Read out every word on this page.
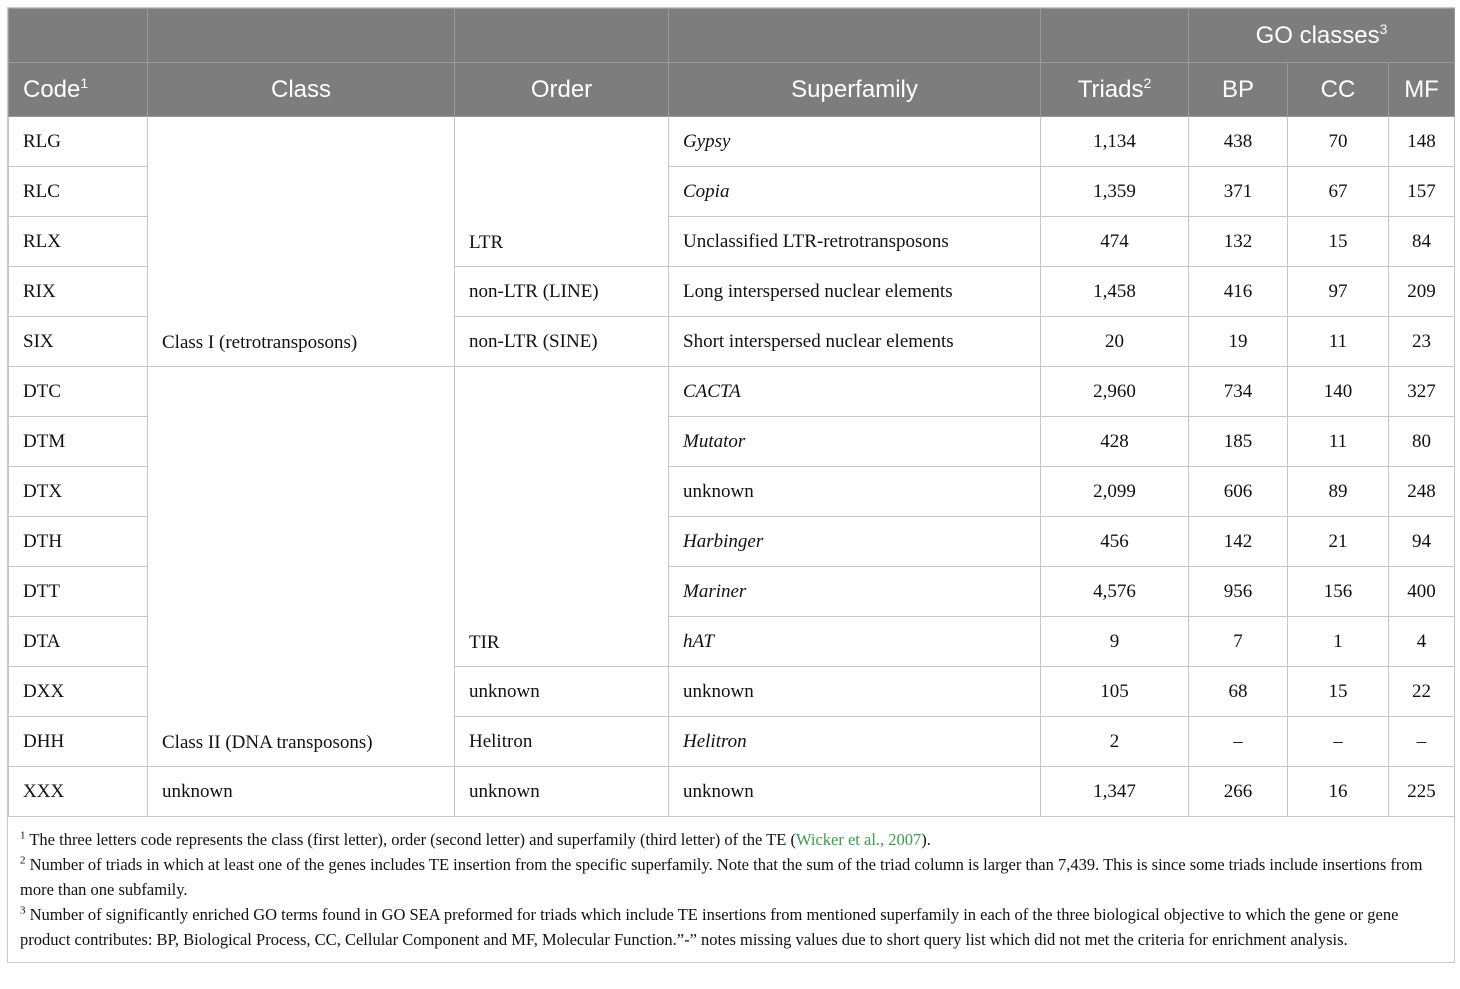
					GO classes$^3$
Code$^1$	Class	Order	Superfamily	Triads$^2$	BP	CC	MF
RLG	Class I (retrotransposons)	LTR	Gypsy	1,134	438	70	148
RLC			Copia	1,359	371	67	157
RLX			Unclassified LTR-retrotransposons	474	132	15	84
RIX		non-LTR (LINE)	Long interspersed nuclear elements	1,458	416	97	209
SIX		non-LTR (SINE)	Short interspersed nuclear elements	20	19	11	23
DTC	Class II (DNA transposons)	TIR	CACTA	2,960	734	140	327
DTM			Mutator	428	185	11	80
DTX			unknown	2,099	606	89	248
DTH			Harbinger	456	142	21	94
DTT			Mariner	4,576	956	156	400
DTA			hAT	9	7	1	4
DXX		unknown	unknown	105	68	15	22
DHH		Helitron	Helitron	2	–	–	–
XXX	unknown	unknown	unknown	1,347	266	16	225

$^1$ The three letters code represents the class (first letter), order (second letter) and superfamily (third letter) of the TE (Wicker et al., 2007).

$^2$ Number of triads in which at least one of the genes includes TE insertion from the specific superfamily. Note that the sum of the triad column is larger than 7,439. This is since some triads include insertions from more than one subfamily.

$^3$ Number of significantly enriched GO terms found in GO SEA preformed for triads which include TE insertions from mentioned superfamily in each of the three biological objective to which the gene or gene product contributes: BP, Biological Process, CC, Cellular Component and MF, Molecular Function.”-” notes missing values due to short query list which did not met the criteria for enrichment analysis.
